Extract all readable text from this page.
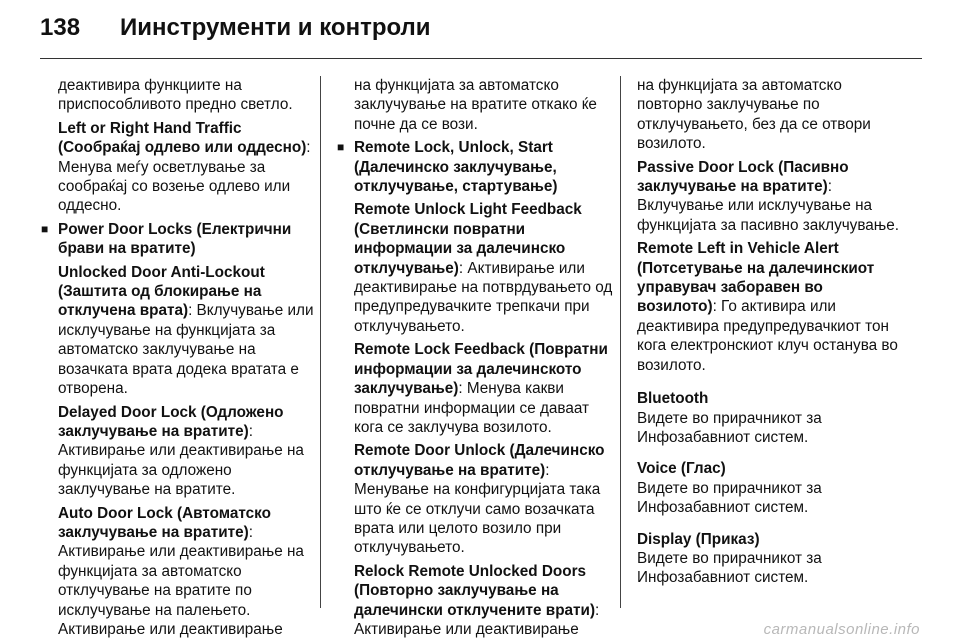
138 Иинструменти и контроли

деактивира функциите на приспособливото предно светло.

Left or Right Hand Traffic (Сообраќај одлево или оддесно): Менува меѓу осветлување за сообраќај со возење одлево или оддесно.

■ Power Door Locks (Електрични брави на вратите)

Unlocked Door Anti-Lockout (Заштита од блокирање на отклучена врата): Вклучување или исклучување на функцијата за автоматско заклучување на возачката врата додека вратата е отворена.

Delayed Door Lock (Одложено заклучување на вратите): Активирање или деактивирање на функцијата за одложено заклучување на вратите.

Auto Door Lock (Автоматско заклучување на вратите): Активирање или деактивирање на функцијата за автоматско отклучување на вратите по исклучување на палењето. Активирање или деактивирање

на функцијата за автоматско заклучување на вратите откако ќе почне да се вози.

■ Remote Lock, Unlock, Start (Далечинско заклучување, отклучување, стартување)

Remote Unlock Light Feedback (Светлински повратни информации за далечинско отклучување): Активирање или деактивирање на потврдувањето од предупредувачките трепкачи при отклучувањето.

Remote Lock Feedback (Повратни информации за далечинското заклучување): Менува какви повратни информации се даваат кога се заклучува возилото.

Remote Door Unlock (Далечинско отклучување на вратите): Менување на конфигурцијата така што ќе се отклучи само возачката врата или целото возило при отклучувањето.

Relock Remote Unlocked Doors (Повторно заклучување на далечински отклучените врати): Активирање или деактивирање

на функцијата за автоматско повторно заклучување по отклучувањето, без да се отвори возилото.

Passive Door Lock (Пасивно заклучување на вратите): Вклучување или исклучување на функцијата за пасивно заклучување.

Remote Left in Vehicle Alert (Потсетување на далечинскиот управувач заборавен во возилото): Го активира или деактивира предупредувачкиот тон кога електронскиот клуч останува во возилото.

Bluetooth
Видете во прирачникот за Инфозабавниот систем.
Voice (Глас)
Видете во прирачникот за Инфозабавниот систем.
Display (Приказ)
Видете во прирачникот за Инфозабавниот систем.
carmanualsonline.info
